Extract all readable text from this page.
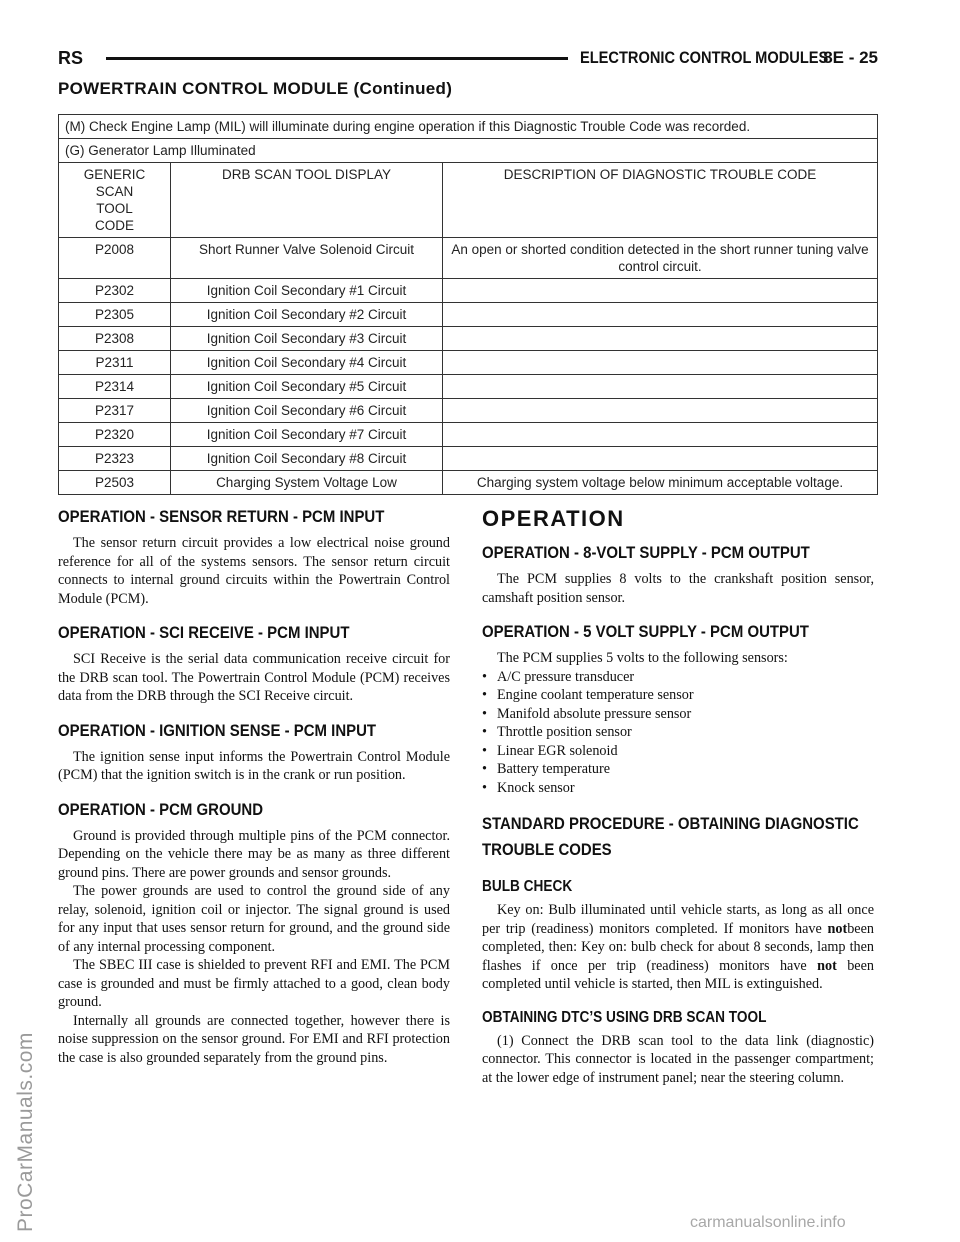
RS	ELECTRONIC CONTROL MODULES
8E - 25
POWERTRAIN CONTROL MODULE (Continued)
(M) Check Engine Lamp (MIL) will illuminate during engine operation if this Diagnostic Trouble Code was recorded.		
(G) Generator Lamp Illuminated		
GENERIC SCAN TOOL CODE	DRB SCAN TOOL DISPLAY	DESCRIPTION OF DIAGNOSTIC TROUBLE CODE
P2008	Short Runner Valve Solenoid Circuit	An open or shorted condition detected in the short runner tuning valve control circuit.
P2302	Ignition Coil Secondary #1 Circuit	
P2305	Ignition Coil Secondary #2 Circuit	
P2308	Ignition Coil Secondary #3 Circuit	
P2311	Ignition Coil Secondary #4 Circuit	
P2314	Ignition Coil Secondary #5 Circuit	
P2317	Ignition Coil Secondary #6 Circuit	
P2320	Ignition Coil Secondary #7 Circuit	
P2323	Ignition Coil Secondary #8 Circuit	
P2503	Charging System Voltage Low	Charging system voltage below minimum acceptable voltage.
OPERATION - SENSOR RETURN - PCM INPUT

The sensor return circuit provides a low electrical noise ground reference for all of the systems sensors. The sensor return circuit connects to internal ground circuits within the Powertrain Control Module (PCM).

OPERATION - SCI RECEIVE - PCM INPUT

SCI Receive is the serial data communication receive circuit for the DRB scan tool. The Powertrain Control Module (PCM) receives data from the DRB through the SCI Receive circuit.

OPERATION - IGNITION SENSE - PCM INPUT

The ignition sense input informs the Powertrain Control Module (PCM) that the ignition switch is in the crank or run position.

OPERATION - PCM GROUND

Ground is provided through multiple pins of the PCM connector. Depending on the vehicle there may be as many as three different ground pins. There are power grounds and sensor grounds.

The power grounds are used to control the ground side of any relay, solenoid, ignition coil or injector. The signal ground is used for any input that uses sensor return for ground, and the ground side of any internal processing component.

The SBEC III case is shielded to prevent RFI and EMI. The PCM case is grounded and must be firmly attached to a good, clean body ground.

Internally all grounds are connected together, however there is noise suppression on the sensor ground. For EMI and RFI protection the case is also grounded separately from the ground pins.

OPERATION
OPERATION - 8-VOLT SUPPLY - PCM OUTPUT

The PCM supplies 8 volts to the crankshaft position sensor, camshaft position sensor.

OPERATION - 5 VOLT SUPPLY - PCM OUTPUT

The PCM supplies 5 volts to the following sensors:

• A/C pressure transducer
• Engine coolant temperature sensor
• Manifold absolute pressure sensor
• Throttle position sensor
• Linear EGR solenoid
• Battery temperature
• Knock sensor
STANDARD PROCEDURE - OBTAINING DIAGNOSTIC TROUBLE CODES
BULB CHECK

Key on: Bulb illuminated until vehicle starts, as long as all once per trip (readiness) monitors completed. If monitors have notbeen completed, then: Key on: bulb check for about 8 seconds, lamp then flashes if once per trip (readiness) monitors have not been completed until vehicle is started, then MIL is extinguished.

OBTAINING DTC’S USING DRB SCAN TOOL

(1) Connect the DRB scan tool to the data link (diagnostic) connector. This connector is located in the passenger compartment; at the lower edge of instrument panel; near the steering column.

ProCarManuals.com	carmanualsonline.info
